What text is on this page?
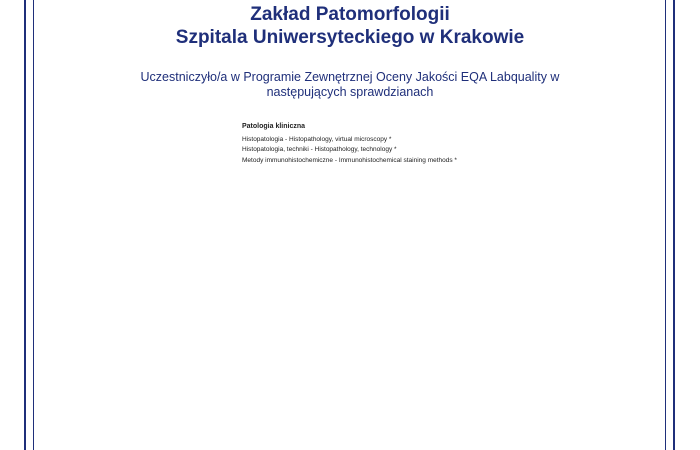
Zakład Patomorfologii
Szpitala Uniwersyteckiego w Krakowie
Uczestniczyło/a w Programie Zewnętrznej Oceny Jakości EQA Labquality w następujących sprawdzianach
Patologia kliniczna
Histopatologia - Histopathology, virtual microscopy *
Histopatologia, techniki - Histopathology, technology *
Metody immunohistochemiczne - Immunohistochemical staining methods *
